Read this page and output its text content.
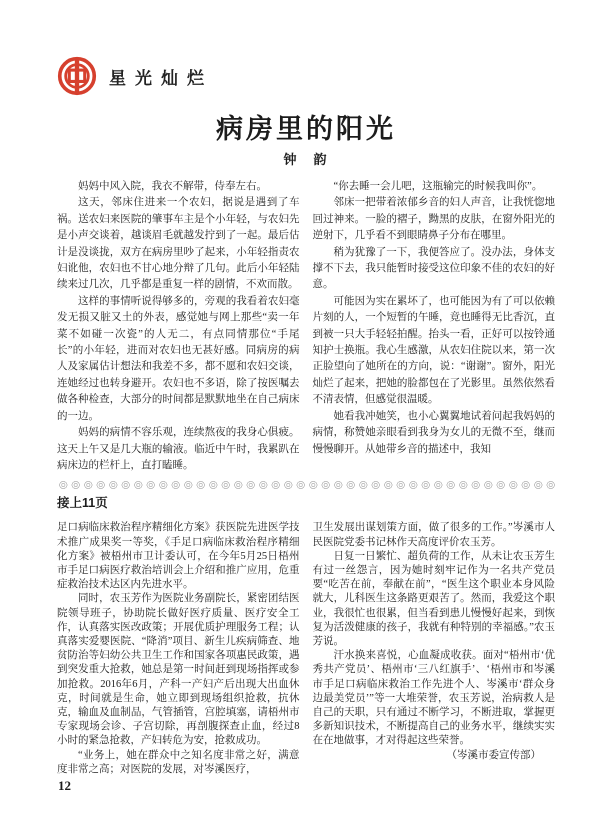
星光灿烂
病房里的阳光
钟　韵

妈妈中风入院，我衣不解带，侍奉左右。

这天，邻床住进来一个农妇，据说是遇到了车祸。送农妇来医院的肇事车主是个小年轻，与农妇先是小声交谈着，越谈眉毛就越发拧到了一起。最后估计是没谈拢，双方在病房里吵了起来，小年轻指责农妇讹他，农妇也不甘心地分辩了几句。此后小年轻陆续来过几次，几乎都是重复一样的剧情，不欢而散。

这样的事情听说得够多的，旁观的我看着农妇毫发无损又脏又土的外表，感觉她与网上那些“卖一年菜不如碰一次瓷”的人无二，有点同情那位“手尾长”的小年轻，进而对农妇也无甚好感。同病房的病人及家属估计想法和我差不多，都不愿和农妇交谈，连她经过也转身避开。农妇也不多语，除了按医嘱去做各种检查，大部分的时间都是默默地坐在自己病床的一边。

妈妈的病情不容乐观，连续熬夜的我身心俱疲。这天上午又是几大瓶的输液。临近中午时，我累趴在病床边的栏杆上，直打瞌睡。

“你去睡一会儿吧，这瓶输完的时候我叫你”。

邻床一把带着浓郁乡音的妇人声音，让我恍惚地回过神来。一脸的褶子，黝黑的皮肤，在窗外阳光的逆射下，几乎看不到眼睛鼻子分布在哪里。

稍为犹豫了一下，我便答应了。没办法，身体支撑不下去，我只能暂时接受这位印象不佳的农妇的好意。

可能因为实在累坏了，也可能因为有了可以依赖片刻的人，一个短暂的午睡，竟也睡得无比香沉，直到被一只大手轻轻拍醒。抬头一看，正好可以按铃通知护士换瓶。我心生感激，从农妇住院以来，第一次正脸望向了她所在的方向，说：“谢谢”。窗外，阳光灿烂了起来，把她的脸都包在了光影里。虽然依然看不清表情，但感觉很温暖。

她看我冲她笑，也小心翼翼地试着问起我妈妈的病情，称赞她亲眼看到我身为女儿的无微不至，继而慢慢聊开。从她带乡音的描述中，我知

接上11页

足口病临床救治程序精细化方案》获医院先进医学技术推广成果奖一等奖，《手足口病临床救治程序精细化方案》被梧州市卫计委认可，在今年5月25日梧州市手足口病医疗救治培训会上介绍和推广应用，危重症救治技术达区内先进水平。

同时，农玉芳作为医院业务副院长，紧密团结医院领导班子，协助院长做好医疗质量、医疗安全工作，认真落实医改政策；开展优质护理服务工程；认真落实爱婴医院、“降消”项目、新生儿疾病筛查、地贫防治等妇幼公共卫生工作和国家各项惠民政策，遇到突发重大抢救，她总是第一时间赶到现场指挥或参加抢救。2016年6月，产科一产妇产后出现大出血休克，时间就是生命，她立即到现场组织抢救，抗休克，输血及血制品，气管插管，宫腔填塞，请梧州市专家现场会诊、子宫切除，再剖腹探查止血，经过8小时的紧急抢救，产妇转危为安，抢救成功。

“业务上，她在群众中之知名度非常之好，满意度非常之高；对医院的发展，对岑溪医疗，

卫生发展出谋划策方面，做了很多的工作。”岑溪市人民医院党委书记林作天高度评价农玉芳。

日复一日繁忙、超负荷的工作，从未让农玉芳生有过一丝怨言，因为她时刻牢记作为一名共产党员要“吃苦在前，奉献在前”，“医生这个职业本身风险就大，儿科医生这条路更艰苦了。然而，我爱这个职业，我很忙也很累，但当看到患儿慢慢好起来，到恢复为活泼健康的孩子，我就有种特别的幸福感。”农玉芳说。

汗水换来喜悦，心血凝成收获。面对“梧州市‘优秀共产党员’、梧州市‘三八红旗手’、‘梧州市和岑溪市手足口病临床救治工作先进个人、岑溪市‘群众身边最美党员’”等一大堆荣誉，农玉芳说，治病救人是自己的天职，只有通过不断学习，不断进取，掌握更多新知识技术，不断提高自己的业务水平，继续实实在在地做事，才对得起这些荣誉。

（岑溪市委宣传部）

12
